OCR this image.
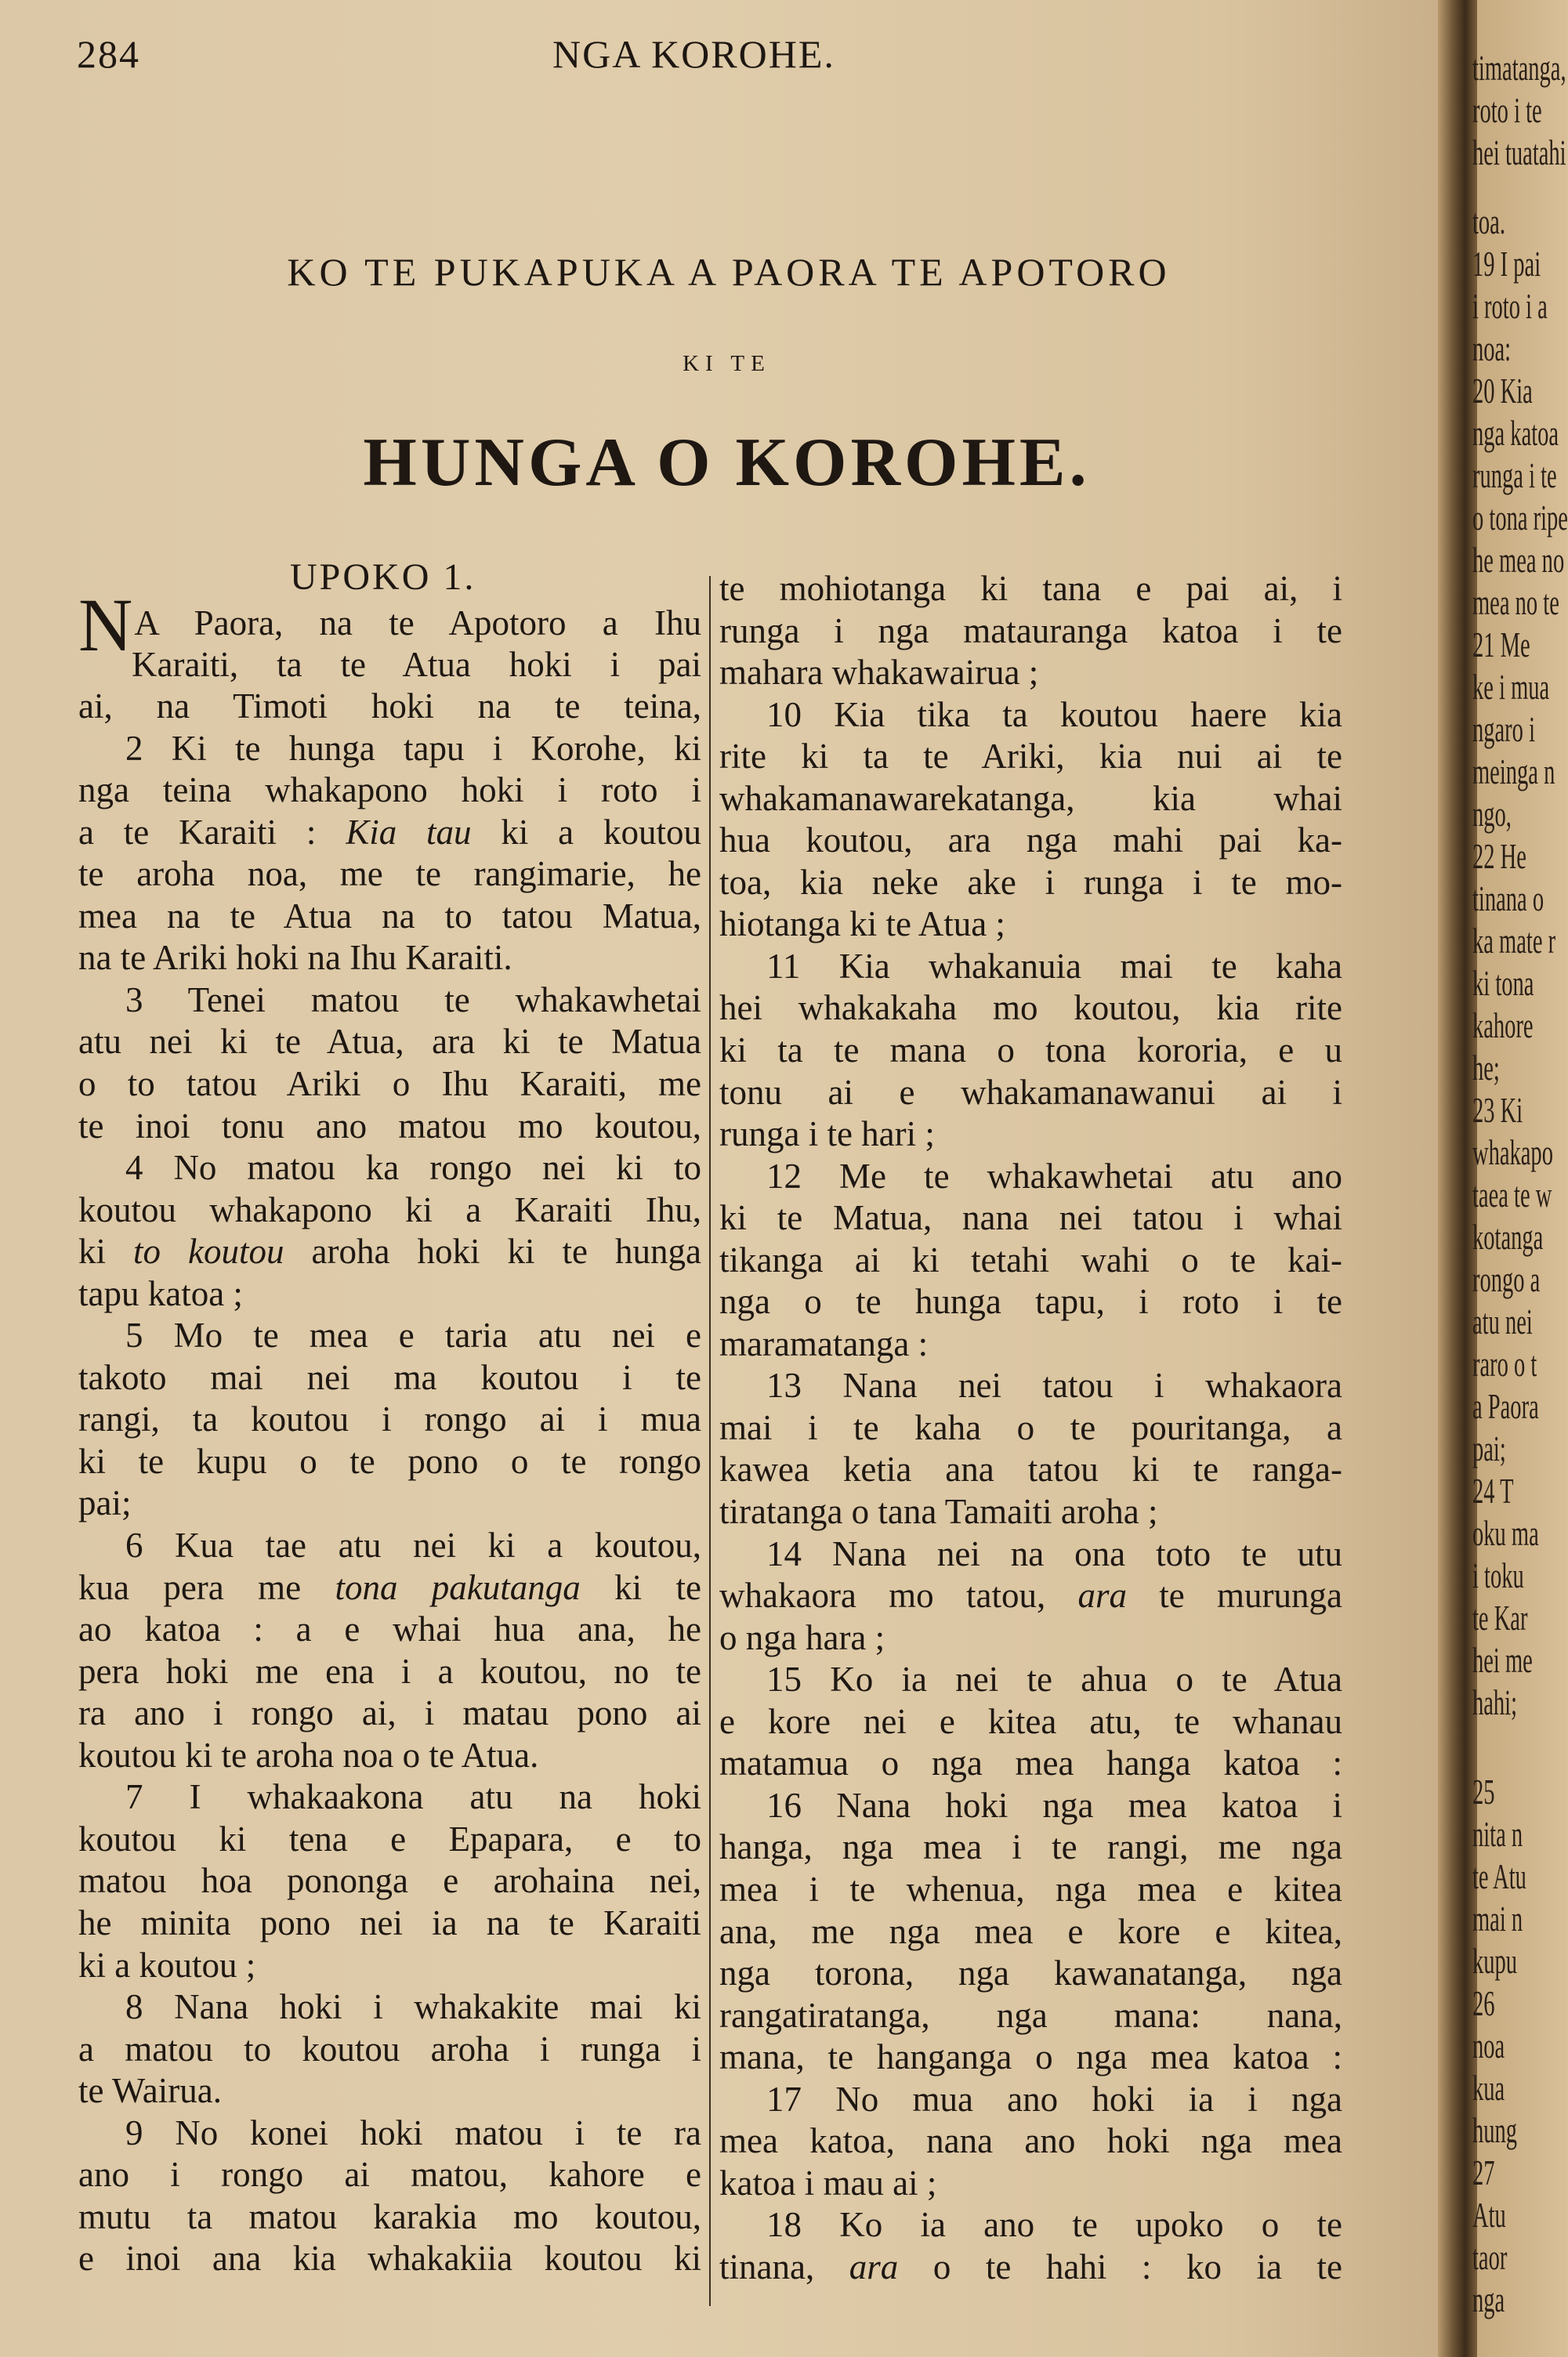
284	NGA KOROHE.
KO TE PUKAPUKA A PAORA TE APOTORO
KI TE
HUNGA O KOROHE.
UPOKO 1.
NA Paora, na te Apotoro a Ihu
Karaiti, ta te Atua hoki i pai
ai, na Timoti hoki na te teina,
2 Ki te hunga tapu i Korohe, ki
nga teina whakapono hoki i roto i
a te Karaiti : Kia tau ki a koutou
te aroha noa, me te rangimarie, he
mea na te Atua na to tatou Matua,
na te Ariki hoki na Ihu Karaiti.
3 Tenei matou te whakawhetai
atu nei ki te Atua, ara ki te Matua
o to tatou Ariki o Ihu Karaiti, me
te inoi tonu ano matou mo koutou,
4 No matou ka rongo nei ki to
koutou whakapono ki a Karaiti Ihu,
ki to koutou aroha hoki ki te hunga
tapu katoa ;
5 Mo te mea e taria atu nei e
takoto mai nei ma koutou i te
rangi, ta koutou i rongo ai i mua
ki te kupu o te pono o te rongo
pai;
6 Kua tae atu nei ki a koutou,
kua pera me tona pakutanga ki te
ao katoa : a e whai hua ana, he
pera hoki me ena i a koutou, no te
ra ano i rongo ai, i matau pono ai
koutou ki te aroha noa o te Atua.
7 I whakaakona atu na hoki
koutou ki tena e Epapara, e to
matou hoa pononga e arohaina nei,
he minita pono nei ia na te Karaiti
ki a koutou ;
8 Nana hoki i whakakite mai ki
a matou to koutou aroha i runga i
te Wairua.
9 No konei hoki matou i te ra
ano i rongo ai matou, kahore e
mutu ta matou karakia mo koutou,
e inoi ana kia whakakiia koutou ki
te mohiotanga ki tana e pai ai, i
runga i nga matauranga katoa i te
mahara whakawairua ;
10 Kia tika ta koutou haere kia
rite ki ta te Ariki, kia nui ai te
whakamanawarekatanga, kia whai
hua koutou, ara nga mahi pai ka-
toa, kia neke ake i runga i te mo-
hiotanga ki te Atua ;
11 Kia whakanuia mai te kaha
hei whakakaha mo koutou, kia rite
ki ta te mana o tona kororia, e u
tonu ai e whakamanawanui ai i
runga i te hari ;
12 Me te whakawhetai atu ano
ki te Matua, nana nei tatou i whai
tikanga ai ki tetahi wahi o te kai-
nga o te hunga tapu, i roto i te
maramatanga :
13 Nana nei tatou i whakaora
mai i te kaha o te pouritanga, a
kawea ketia ana tatou ki te ranga-
tiratanga o tana Tamaiti aroha ;
14 Nana nei na ona toto te utu
whakaora mo tatou, ara te murunga
o nga hara ;
15 Ko ia nei te ahua o te Atua
e kore nei e kitea atu, te whanau
matamua o nga mea hanga katoa :
16 Nana hoki nga mea katoa i
hanga, nga mea i te rangi, me nga
mea i te whenua, nga mea e kitea
ana, me nga mea e kore e kitea,
nga torona, nga kawanatanga, nga
rangatiratanga, nga mana: nana,
mana, te hanganga o nga mea katoa :
17 No mua ano hoki ia i nga
mea katoa, nana ano hoki nga mea
katoa i mau ai ;
18 Ko ia ano te upoko o te
tinana, ara o te hahi : ko ia te
timatanga,
roto i te
hei tuatahi
toa.
19 I pai
i roto i a
noa:
20 Kia
nga katoa
runga i te
o tona ripe
he mea no
mea no te
21 Me
ke i mua
ngaro i
meinga n
ngo,
22 He
tinana o
ka mate r
ki tona
kahore
he;
23 Ki
whakapo
taea te w
kotanga
rongo a
atu nei
raro o t
a Paora
pai;
24 T
oku ma
i toku
te Kar
hei me
hahi;
25
nita n
te Atu
mai n
kupu
26
noa
kua
hung
27
Atu
taor
nga
